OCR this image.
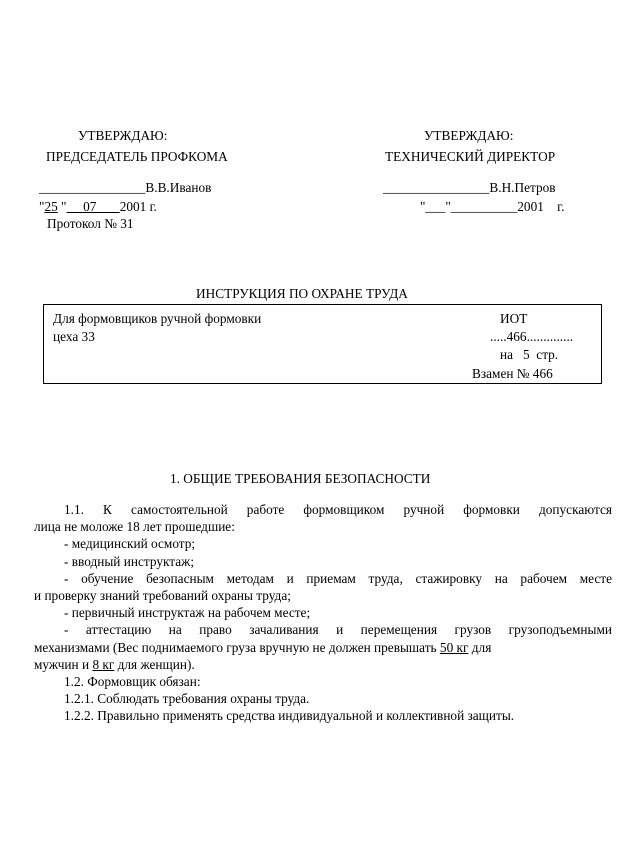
УТВЕРЖДАЮ:
ПРЕДСЕДАТЕЛЬ ПРОФКОМА
________________В.В.Иванов
"25 "     07       2001 г.
Протокол № 31
УТВЕРЖДАЮ:
ТЕХНИЧЕСКИЙ ДИРЕКТОР
________________В.Н.Петров
"___"__________2001    г.
ИНСТРУКЦИЯ ПО ОХРАНЕ ТРУДА
Для формовщиков ручной формовки
цеха 33
ИОТ
.....466..............
на   5  стр.
Взамен № 466
1. ОБЩИЕ ТРЕБОВАНИЯ БЕЗОПАСНОСТИ
1.1. К самостоятельной работе формовщиком ручной формовки допускаются
лица не моложе 18 лет прошедшие:
- медицинский осмотр;
- вводный инструктаж;
- обучение безопасным методам и приемам труда, стажировку на рабочем месте
и проверку знаний требований охраны труда;
- первичный инструктаж на рабочем месте;
- аттестацию на право зачаливания и перемещения грузов грузоподъемными
механизмами (Вес поднимаемого груза вручную не должен превышать 50 кг для
мужчин и 8 кг для женщин).
1.2. Формовщик обязан:
1.2.1. Соблюдать требования охраны труда.
1.2.2. Правильно применять средства индивидуальной и коллективной защиты.
